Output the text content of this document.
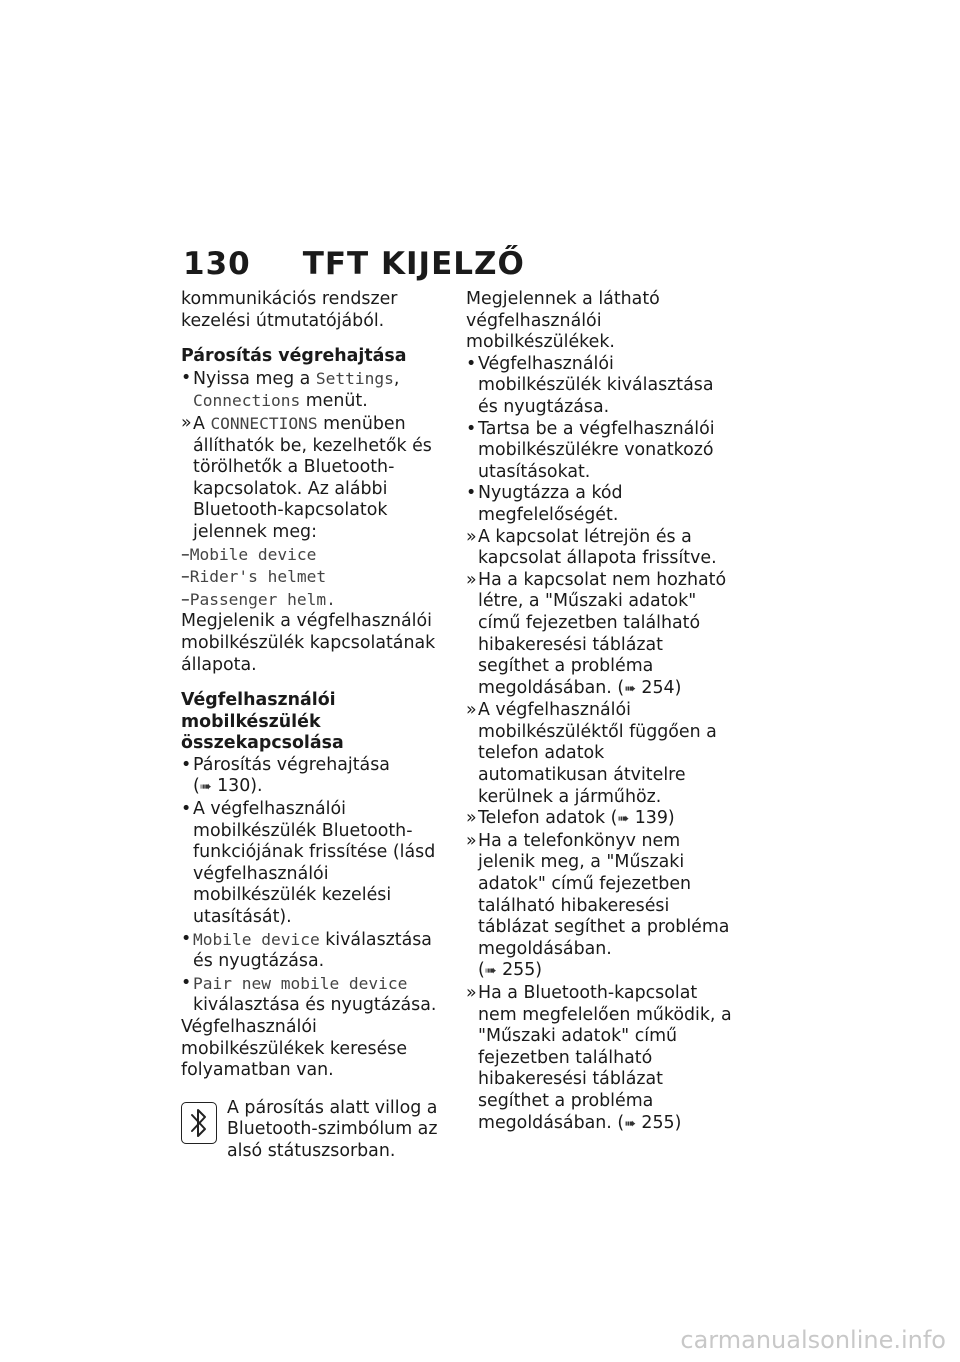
130 TFT KIJELZŐ

kommunikációs rendszer kezelési útmutatójából.

Párosítás végrehajtása

• Nyissa meg a Settings,
Connections menüt.

» A CONNECTIONS menüben állíthatók be, kezelhetők és törölhetők a Bluetooth-kapcsolatok. Az alábbi Bluetooth-kapcsolatok jelennek meg:

–Mobile device

–Rider's helmet

–Passenger helm.

Megjelenik a végfelhasználói mobilkészülék kapcsolatának állapota.

Végfelhasználói mobilkészülék összekapcsolása

• Párosítás végrehajtása
(➠ 130).

• A végfelhasználói mobilkészülék Bluetooth-funkciójának frissítése (lásd végfelhasználói mobilkészülék kezelési utasítását).

• Mobile device kiválasztása és nyugtázása.

• Pair new mobile device
kiválasztása és nyugtázása.

Végfelhasználói mobilkészülékek keresése folyamatban van.

A párosítás alatt villog a Bluetooth-szimbólum az alsó státuszsorban.

Megjelennek a látható végfelhasználói mobilkészülékek.

• Végfelhasználói mobilkészülék kiválasztása és nyugtázása.

• Tartsa be a végfelhasználói mobilkészülékre vonatkozó utasításokat.

• Nyugtázza a kód megfelelőségét.

» A kapcsolat létrejön és a kapcsolat állapota frissítve.

» Ha a kapcsolat nem hozható létre, a "Műszaki adatok" című fejezetben található hibakeresési táblázat segíthet a probléma megoldásában. (➠ 254)

» A végfelhasználói mobilkészüléktől függően a telefon adatok automatikusan átvitelre kerülnek a járműhöz.

» Telefon adatok (➠ 139)

» Ha a telefonkönyv nem jelenik meg, a "Műszaki adatok" című fejezetben található hibakeresési táblázat segíthet a probléma megoldásában.
(➠ 255)

» Ha a Bluetooth-kapcsolat nem megfelelően működik, a "Műszaki adatok" című fejezetben található hibakeresési táblázat segíthet a probléma megoldásában. (➠ 255)

carmanualsonline.info
